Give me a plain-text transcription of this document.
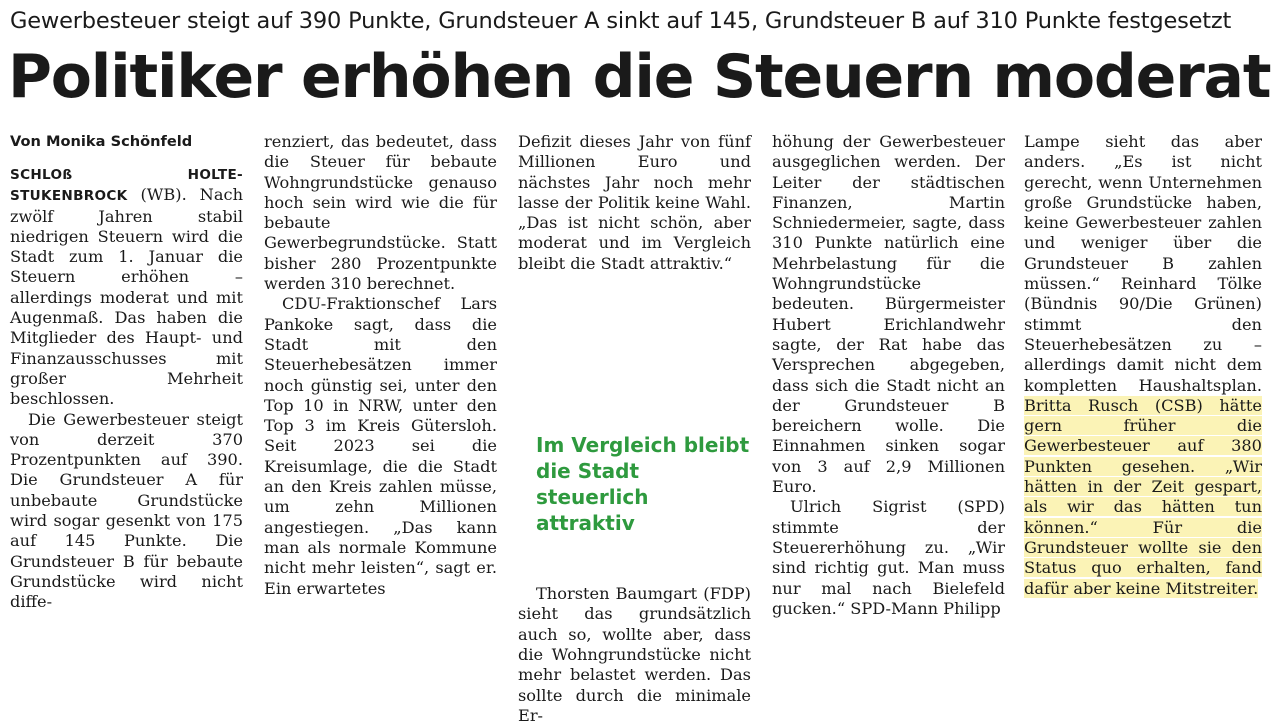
Gewerbesteuer steigt auf 390 Punkte, Grundsteuer A sinkt auf 145, Grundsteuer B auf 310 Punkte festgesetzt
Politiker erhöhen die Steuern moderat

Von Monika Schönfeld

SCHLOß HOLTE-STUKENBROCK (WB). Nach zwölf Jahren stabil niedrigen Steuern wird die Stadt zum 1. Januar die Steuern erhöhen – allerdings moderat und mit Augenmaß. Das haben die Mitglieder des Haupt- und Finanzausschusses mit großer Mehrheit beschlossen.

Die Gewerbesteuer steigt von derzeit 370 Prozentpunkten auf 390. Die Grundsteuer A für unbebaute Grundstücke wird sogar gesenkt von 175 auf 145 Punkte. Die Grundsteuer B für bebaute Grundstücke wird nicht diffe-

renziert, das bedeutet, dass die Steuer für bebaute Wohngrundstücke genauso hoch sein wird wie die für bebaute Gewerbegrundstücke. Statt bisher 280 Prozentpunkte werden 310 berechnet.

CDU-Fraktionschef Lars Pankoke sagt, dass die Stadt mit den Steuerhebesätzen immer noch günstig sei, unter den Top 10 in NRW, unter den Top 3 im Kreis Gütersloh. Seit 2023 sei die Kreisumlage, die die Stadt an den Kreis zahlen müsse, um zehn Millionen angestiegen. „Das kann man als normale Kommune nicht mehr leisten“, sagt er. Ein erwartetes

Defizit dieses Jahr von fünf Millionen Euro und nächstes Jahr noch mehr lasse der Politik keine Wahl. „Das ist nicht schön, aber moderat und im Vergleich bleibt die Stadt attraktiv.“

Im Vergleich bleibt die Stadt steuerlich attraktiv

Thorsten Baumgart (FDP) sieht das grundsätzlich auch so, wollte aber, dass die Wohngrundstücke nicht mehr belastet werden. Das sollte durch die minimale Er-

höhung der Gewerbesteuer ausgeglichen werden. Der Leiter der städtischen Finanzen, Martin Schniedermeier, sagte, dass 310 Punkte natürlich eine Mehrbelastung für die Wohngrundstücke bedeuten. Bürgermeister Hubert Erichlandwehr sagte, der Rat habe das Versprechen abgegeben, dass sich die Stadt nicht an der Grundsteuer B bereichern wolle. Die Einnahmen sinken sogar von 3 auf 2,9 Millionen Euro.

Ulrich Sigrist (SPD) stimmte der Steuererhöhung zu. „Wir sind richtig gut. Man muss nur mal nach Bielefeld gucken.“ SPD-Mann Philipp

Lampe sieht das aber anders. „Es ist nicht gerecht, wenn Unternehmen große Grundstücke haben, keine Gewerbesteuer zahlen und weniger über die Grundsteuer B zahlen müssen.“ Reinhard Tölke (Bündnis 90/Die Grünen) stimmt den Steuerhebesätzen zu – allerdings damit nicht dem kompletten Haushaltsplan. Britta Rusch (CSB) hätte gern früher die Gewerbesteuer auf 380 Punkten gesehen. „Wir hätten in der Zeit gespart, als wir das hätten tun können.“ Für die Grundsteuer wollte sie den Status quo erhalten, fand dafür aber keine Mitstreiter.
